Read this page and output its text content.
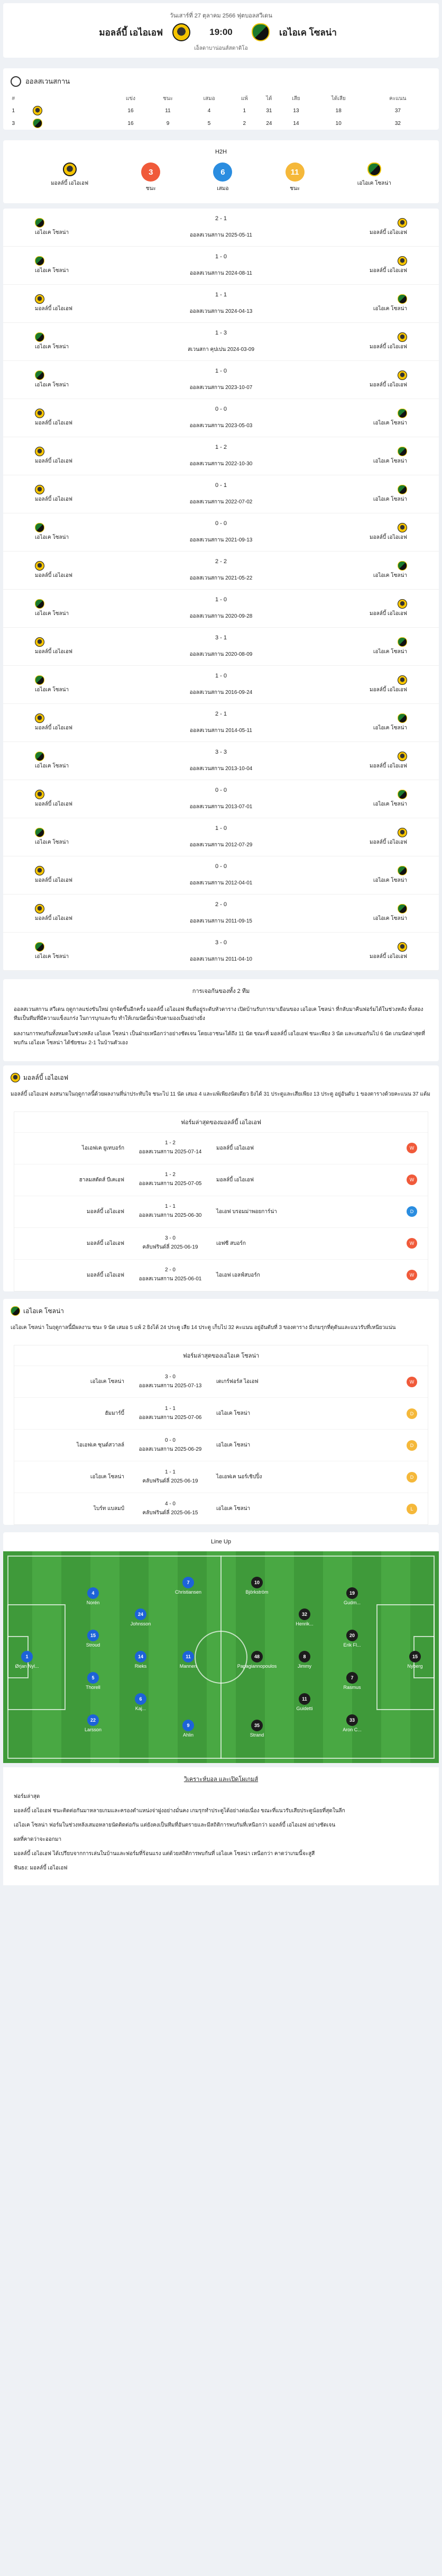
วันเสาร์ที่ 27 ตุลาคม 2566 ฟุตบอลสวีเดน
มอลล์บี้ เอไอเอฟ	19:00	เอไอเค โซลน่า
เอ็ลดาบาน่อนส์สตาดิโอ
ออลสเวนสกาน
#		แข่ง	ชนะ	เสมอ	แพ้	ได้	เสีย	ได้เสีย	คะแนน
1		16	11	4	1	31	13	18	37
3		16	9	5	2	24	14	10	32
H2H
มอลล์บี้ เอไอเอฟ
3
ชนะ
6
เสมอ
11
ชนะ
เอไอเค โซลน่า
เอไอเค โซลน่า
2 - 1
ออลสเวนสกาน 2025-05-11	มอลล์บี้ เอไอเอฟ
เอไอเค โซลน่า
1 - 0
ออลสเวนสกาน 2024-08-11	มอลล์บี้ เอไอเอฟ
มอลล์บี้ เอไอเอฟ
1 - 1
ออลสเวนสกาน 2024-04-13	เอไอเค โซลน่า
เอไอเค โซลน่า
1 - 3
สเวนสกา คุปเปน 2024-03-09	มอลล์บี้ เอไอเอฟ
เอไอเค โซลน่า
1 - 0
ออลสเวนสกาน 2023-10-07	มอลล์บี้ เอไอเอฟ
มอลล์บี้ เอไอเอฟ
0 - 0
ออลสเวนสกาน 2023-05-03	เอไอเค โซลน่า
มอลล์บี้ เอไอเอฟ
1 - 2
ออลสเวนสกาน 2022-10-30	เอไอเค โซลน่า
มอลล์บี้ เอไอเอฟ
0 - 1
ออลสเวนสกาน 2022-07-02	เอไอเค โซลน่า
เอไอเค โซลน่า
0 - 0
ออลสเวนสกาน 2021-09-13	มอลล์บี้ เอไอเอฟ
มอลล์บี้ เอไอเอฟ
2 - 2
ออลสเวนสกาน 2021-05-22	เอไอเค โซลน่า
เอไอเค โซลน่า
1 - 0
ออลสเวนสกาน 2020-09-28	มอลล์บี้ เอไอเอฟ
มอลล์บี้ เอไอเอฟ
3 - 1
ออลสเวนสกาน 2020-08-09	เอไอเค โซลน่า
เอไอเค โซลน่า
1 - 0
ออลสเวนสกาน 2016-09-24	มอลล์บี้ เอไอเอฟ
มอลล์บี้ เอไอเอฟ
2 - 1
ออลสเวนสกาน 2014-05-11	เอไอเค โซลน่า
เอไอเค โซลน่า
3 - 3
ออลสเวนสกาน 2013-10-04	มอลล์บี้ เอไอเอฟ
มอลล์บี้ เอไอเอฟ
0 - 0
ออลสเวนสกาน 2013-07-01	เอไอเค โซลน่า
เอไอเค โซลน่า
1 - 0
ออลสเวนสกาน 2012-07-29	มอลล์บี้ เอไอเอฟ
มอลล์บี้ เอไอเอฟ
0 - 0
ออลสเวนสกาน 2012-04-01	เอไอเค โซลน่า
มอลล์บี้ เอไอเอฟ
2 - 0
ออลสเวนสกาน 2011-09-15	เอไอเค โซลน่า
เอไอเค โซลน่า
3 - 0
ออลสเวนสกาน 2011-04-10	มอลล์บี้ เอไอเอฟ
การเจอกันของทั้ง 2 ทีม

ออลสเวนสกาน สวีเดน ฤดูกาลแข่งขันใหม่ ถูกจัดขึ้นอีกครั้ง มอลล์บี้ เอไอเอฟ ทีมที่อยู่ระดับหัวตาราง เปิดบ้านรับการมาเยือนของ เอไอเค โซลน่า ที่กลับมาคืนฟอร์มได้ในช่วงหลัง ทั้งสองทีมเป็นทีมที่มีความแข็งแกร่ง ในการบุกและรับ ทำให้เกมนัดนี้น่าจับตามองเป็นอย่างยิ่ง

ผลงานการพบกันทั้งหมดในช่วงหลัง เอไอเค โซลน่า เป็นฝ่ายเหนือกว่าอย่างชัดเจน โดยเอาชนะได้ถึง 11 นัด ขณะที่ มอลล์บี้ เอไอเอฟ ชนะเพียง 3 นัด และเสมอกันไป 6 นัด เกมนัดล่าสุดที่พบกัน เอไอเค โซลน่า ได้ชัยชนะ 2-1 ในบ้านตัวเอง

มอลล์บี้ เอไอเอฟ
มอลล์บี้ เอไอเอฟ ลงสนามในฤดูกาลนี้ด้วยผลงานที่น่าประทับใจ ชนะไป 11 นัด เสมอ 4 และแพ้เพียงนัดเดียว ยิงได้ 31 ประตูและเสียเพียง 13 ประตู อยู่อันดับ 1 ของตารางด้วยคะแนน 37 แต้ม
ฟอร์มล่าสุดของมอลล์บี้ เอไอเอฟ
ไอเอฟเค ยูเทบอร์ก
1 - 2
ออลสเวนสกาน 2025-07-14
มอลล์บี้ เอไอเอฟ	W
ฮาลมสตัดส์ บีเคเอฟ
1 - 2
ออลสเวนสกาน 2025-07-05
มอลล์บี้ เอไอเอฟ	W
มอลล์บี้ เอไอเอฟ
1 - 1
ออลสเวนสกาน 2025-06-30
ไอเอฟ บรอมม่าพอยการ์น่า	D
มอลล์บี้ เอไอเอฟ
3 - 0
คลับฟรินด์ลี่ 2025-06-19
เอฟซี สบอร์ก	W
มอลล์บี้ เอไอเอฟ
2 - 0
ออลสเวนสกาน 2025-06-01
ไอเอฟ เอลฟ์สบอร์ก	W
เอไอเค โซลน่า
เอไอเค โซลน่า ในฤดูกาลนี้มีผลงาน ชนะ 9 นัด เสมอ 5 แพ้ 2 ยิงได้ 24 ประตู เสีย 14 ประตู เก็บไป 32 คะแนน อยู่อันดับที่ 3 ของตาราง มีเกมรุกที่ดุดันและแนวรับที่เหนียวแน่น
ฟอร์มล่าสุดของเอไอเค โซลน่า
เอไอเค โซลน่า
3 - 0
ออลสเวนสกาน 2025-07-13
เดเกร์ฟอร์ส ไอเอฟ	W
ฮัมมาร์บี้
1 - 1
ออลสเวนสกาน 2025-07-06
เอไอเค โซลน่า	D
ไอเอฟเค ซุนด์สวาลล์
0 - 0
ออลสเวนสกาน 2025-06-29
เอไอเค โซลน่า	D
เอไอเค โซลน่า
1 - 1
คลับฟรินด์ลี่ 2025-06-19
ไอเอฟเค นอร์เชิปปิ้ง	D
ไบร์ท แบลมป์
4 - 0
คลับฟรินด์ลี่ 2025-06-15
เอไอเค โซลน่า	L
Line Up
1
Ørjan Nyl...
4
Norén
15
Stroud
5
Thorell
22
Larsson
24
Johnsson
14
Rieks
6
Kaj...
7
Christiansen
11
Mannen
9
Ahlin
15
Nyberg
19
Gudm...
20
Erik Fl...
7
Rasmus
33
Aron C...
32
Henrik...
8
Jimmy
11
Guidetti
10
Björkström
48
Papagiannopoulos
35
Strand
วิเคราะห์บอล และเปิดโผเกมส์

ฟอร์มล่าสุด

มอลล์บี้ เอไอเอฟ ชนะติดต่อกันมาหลายเกมและครองตำแหน่งจ่าฝูงอย่างมั่นคง เกมรุกทำประตูได้อย่างต่อเนื่อง ขณะที่แนวรับเสียประตูน้อยที่สุดในลีก

เอไอเค โซลน่า ฟอร์มในช่วงหลังเสมอหลายนัดติดต่อกัน แต่ยังคงเป็นทีมที่อันตรายและมีสถิติการพบกันที่เหนือกว่า มอลล์บี้ เอไอเอฟ อย่างชัดเจน

ผลที่คาดว่าจะออกมา

มอลล์บี้ เอไอเอฟ ได้เปรียบจากการเล่นในบ้านและฟอร์มที่ร้อนแรง แต่ด้วยสถิติการพบกันที่ เอไอเค โซลน่า เหนือกว่า คาดว่าเกมนี้จะสูสี

ฟันธง: มอลล์บี้ เอไอเอฟ
